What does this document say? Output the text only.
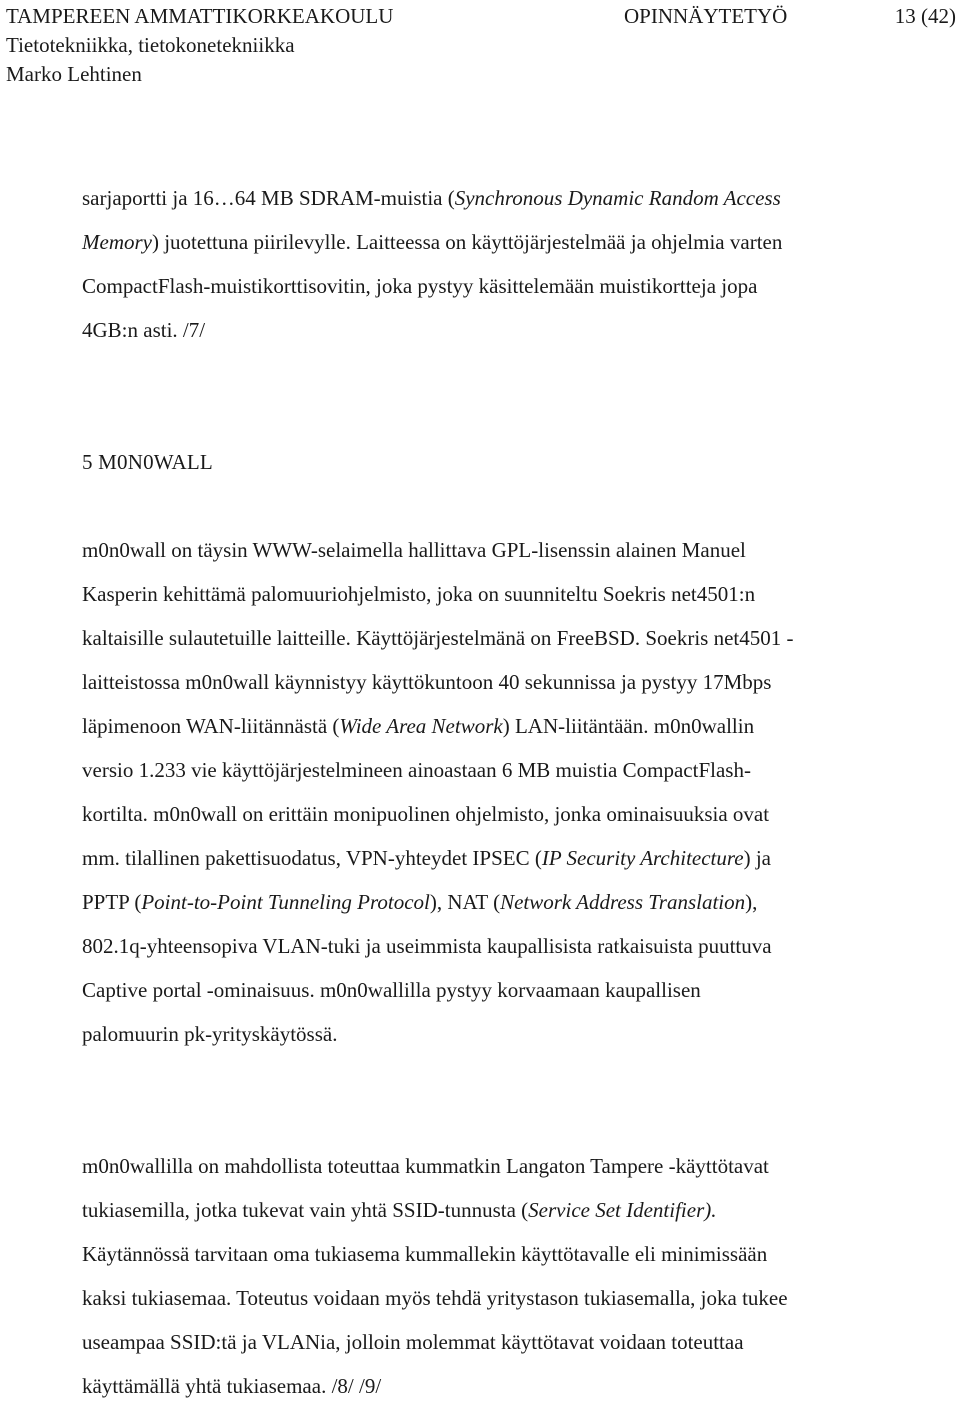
TAMPEREEN AMMATTIKORKEAKOULU	OPINNÄYTETYÖ	13 (42)
Tietotekniikka, tietokonetekniikka
Marko Lehtinen
sarjaportti ja 16…64 MB SDRAM-muistia (Synchronous Dynamic Random Access
Memory) juotettuna piirilevylle. Laitteessa on käyttöjärjestelmää ja ohjelmia varten
CompactFlash-muistikorttisovitin, joka pystyy käsittelemään muistikortteja jopa
4GB:n asti. /7/
5 M0N0WALL
m0n0wall on täysin WWW-selaimella hallittava GPL-lisenssin alainen Manuel
Kasperin kehittämä palomuuriohjelmisto, joka on suunniteltu Soekris net4501:n
kaltaisille sulautetuille laitteille. Käyttöjärjestelmänä on FreeBSD. Soekris net4501 -
laitteistossa m0n0wall käynnistyy käyttökuntoon 40 sekunnissa ja pystyy 17Mbps
läpimenoon WAN-liitännästä (Wide Area Network) LAN-liitäntään. m0n0wallin
versio 1.233 vie käyttöjärjestelmineen ainoastaan 6 MB muistia CompactFlash-
kortilta. m0n0wall on erittäin monipuolinen ohjelmisto, jonka ominaisuuksia ovat
mm. tilallinen pakettisuodatus, VPN-yhteydet IPSEC (IP Security Architecture) ja
PPTP (Point-to-Point Tunneling Protocol), NAT (Network Address Translation),
802.1q-yhteensopiva VLAN-tuki ja useimmista kaupallisista ratkaisuista puuttuva
Captive portal -ominaisuus. m0n0wallilla pystyy korvaamaan kaupallisen
palomuurin pk-yrityskäytössä.
m0n0wallilla on mahdollista toteuttaa kummatkin Langaton Tampere -käyttötavat
tukiasemilla, jotka tukevat vain yhtä SSID-tunnusta (Service Set Identifier).
Käytännössä tarvitaan oma tukiasema kummallekin käyttötavalle eli minimissään
kaksi tukiasemaa. Toteutus voidaan myös tehdä yritystason tukiasemalla, joka tukee
useampaa SSID:tä ja VLANia, jolloin molemmat käyttötavat voidaan toteuttaa
käyttämällä yhtä tukiasemaa. /8/ /9/
